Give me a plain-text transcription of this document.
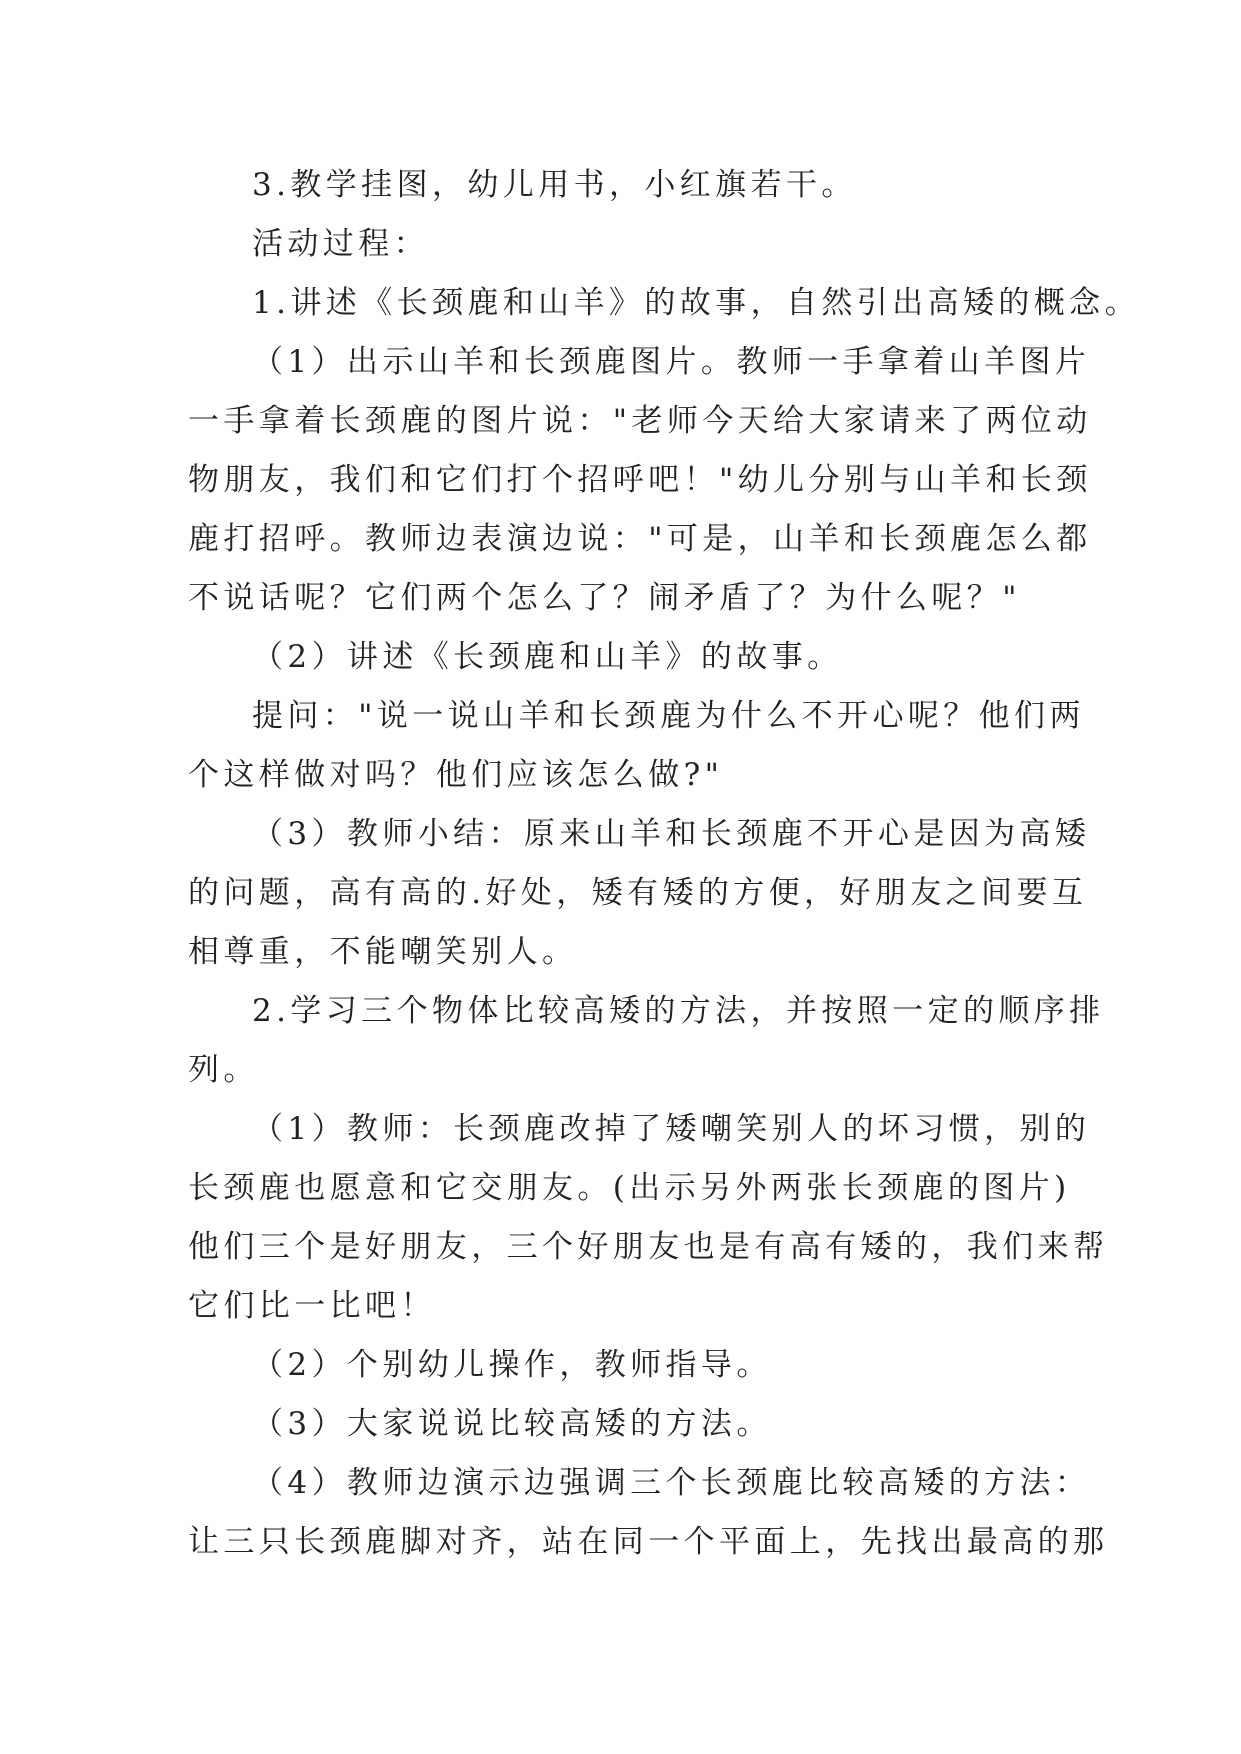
3.教学挂图，幼儿用书，小红旗若干。
活动过程：
1.讲述《长颈鹿和山羊》的故事，自然引出高矮的概念。
（1）出示山羊和长颈鹿图片。教师一手拿着山羊图片
一手拿着长颈鹿的图片说："老师今天给大家请来了两位动
物朋友，我们和它们打个招呼吧！"幼儿分别与山羊和长颈
鹿打招呼。教师边表演边说："可是，山羊和长颈鹿怎么都
不说话呢？它们两个怎么了？闹矛盾了？为什么呢？"
（2）讲述《长颈鹿和山羊》的故事。
提问："说一说山羊和长颈鹿为什么不开心呢？他们两
个这样做对吗？他们应该怎么做?"
（3）教师小结：原来山羊和长颈鹿不开心是因为高矮
的问题，高有高的.好处，矮有矮的方便，好朋友之间要互
相尊重，不能嘲笑别人。
2.学习三个物体比较高矮的方法，并按照一定的顺序排
列。
（1）教师：长颈鹿改掉了矮嘲笑别人的坏习惯，别的
长颈鹿也愿意和它交朋友。(出示另外两张长颈鹿的图片)
他们三个是好朋友，三个好朋友也是有高有矮的，我们来帮
它们比一比吧！
（2）个别幼儿操作，教师指导。
（3）大家说说比较高矮的方法。
（4）教师边演示边强调三个长颈鹿比较高矮的方法：
让三只长颈鹿脚对齐，站在同一个平面上，先找出最高的那
